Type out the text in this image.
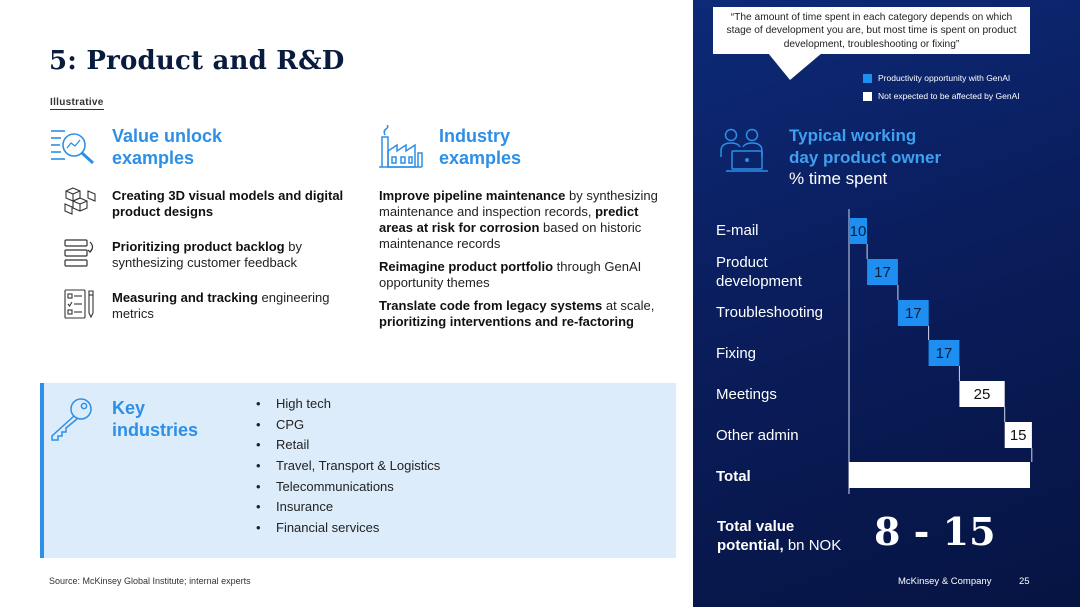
5: Product and R&D
Illustrative
Value unlock
examples
Creating 3D visual models and digital product designs
Prioritizing product backlog by synthesizing customer feedback
Measuring and tracking engineering metrics
Industry
examples
Improve pipeline maintenance by synthesizing maintenance and inspection records, predict areas at risk for corrosion based on historic maintenance records
Reimagine product portfolio through GenAI opportunity themes
Translate code from legacy systems at scale, prioritizing interventions and re-factoring
Key
industries
• High tech
• CPG
• Retail
• Travel, Transport & Logistics
• Telecommunications
• Insurance
• Financial services
Source: McKinsey Global Institute; internal experts
“The amount of time spent in each category depends on which stage of development you are, but most time is spent on product development, troubleshooting or fixing”
Productivity opportunity with GenAI
Not expected to be affected by GenAI
Typical working
day product owner
% time spent
E-mail
Product
development
Troubleshooting
Fixing
Meetings
Other admin
Total
10
17
17
17
25
15
Total value
potential, bn NOK 8 - 15
McKinsey & Company	25
